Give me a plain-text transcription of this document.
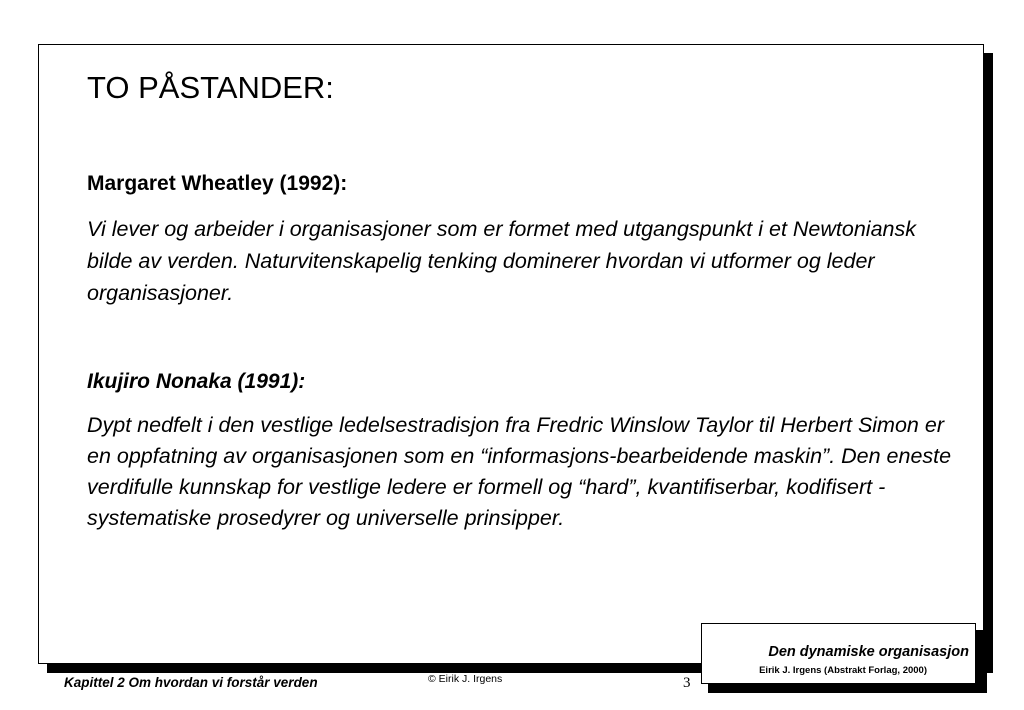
TO PÅSTANDER:

Margaret Wheatley (1992):

Vi lever og arbeider i organisasjoner som er formet med utgangspunkt i et Newtoniansk bilde av verden. Naturvitenskapelig tenking dominerer hvordan vi utformer og leder organisasjoner.

Ikujiro Nonaka (1991):

Dypt nedfelt i den vestlige ledelsestradisjon fra Fredric Winslow Taylor til Herbert Simon er en oppfatning av organisasjonen som en “informasjons-bearbeidende maskin”. Den eneste verdifulle kunnskap for vestlige ledere er formell og “hard”, kvantifiserbar, kodifisert - systematiske prosedyrer og universelle prinsipper.

Den dynamiske organisasjon
Eirik J. Irgens (Abstrakt Forlag, 2000)
Kapittel 2 Om hvordan vi forstår verden	© Eirik J. Irgens	3
